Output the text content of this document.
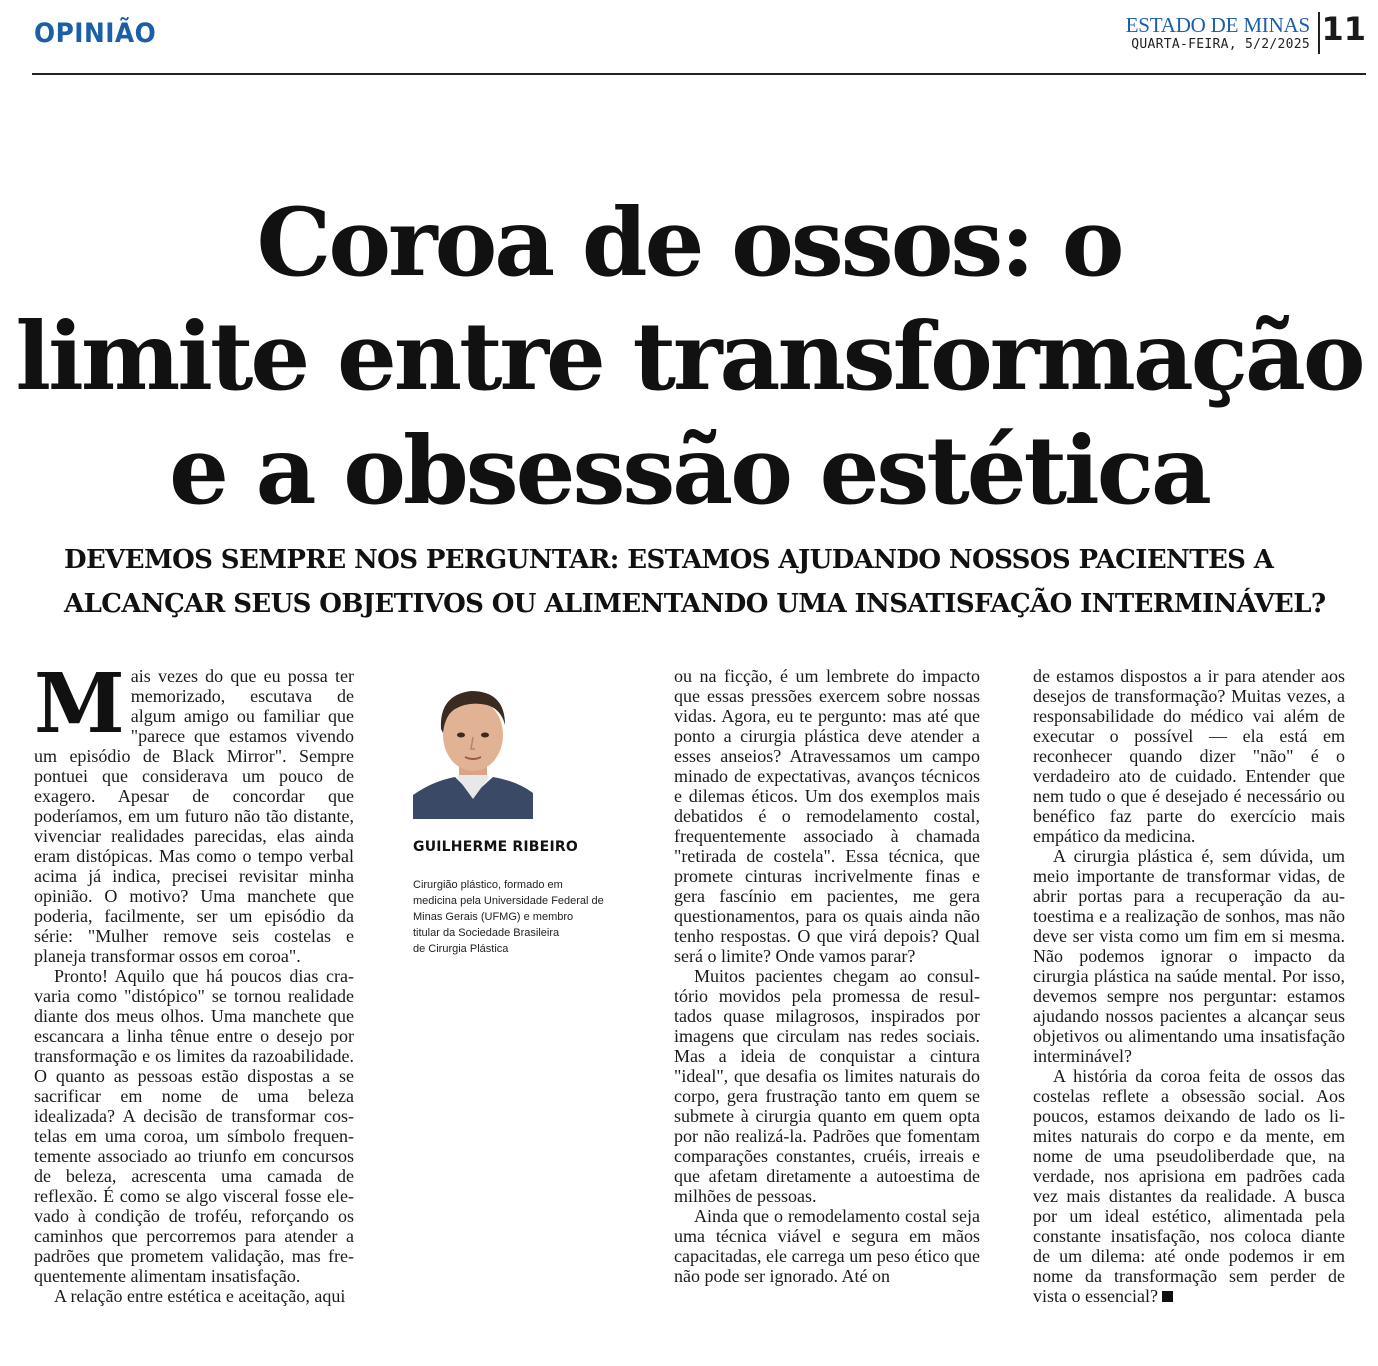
OPINIÃO	ESTADO DE MINAS
QUARTA-FEIRA, 5/2/2025 11
Coroa de ossos: o
limite entre transformação
e a obsessão estética
DEVEMOS SEMPRE NOS PERGUNTAR: ESTAMOS AJUDANDO NOSSOS PACIENTES A
ALCANÇAR SEUS OBJETIVOS OU ALIMENTANDO UMA INSATISFAÇÃO INTERMINÁVEL?

Mais vezes do que eu possa ter memorizado, escutava de algum amigo ou familiar que "parece que estamos vivendo um episódio de Black Mirror". Sempre pontuei que considerava um pouco de exagero. Apesar de concordar que poderíamos, em um futuro não tão distante, vivenciar realidades parecidas, elas ainda eram distópicas. Mas como o tempo verbal acima já indica, precisei revisitar minha opinião. O motivo? Uma manchete que poderia, facilmente, ser um episódio da série: "Mulher remove seis costelas e planeja transformar ossos em coroa".

Pronto! Aquilo que há poucos dias cravaria como "distópico" se tornou realidade diante dos meus olhos. Uma manchete que escancara a linha tênue entre o desejo por transformação e os limites da razoabilidade. O quanto as pessoas estão dispostas a se sacrificar em nome de uma beleza idealizada? A decisão de transformar costelas em uma coroa, um símbolo frequentemente associado ao triunfo em concursos de beleza, acrescenta uma camada de reflexão. É como se algo visceral fosse elevado à condição de troféu, reforçando os caminhos que percorremos para atender a padrões que prometem validação, mas frequentemente alimentam insatisfação.

A relação entre estética e aceitação, aqui

GUILHERME RIBEIRO
Cirurgião plástico, formado em
medicina pela Universidade Federal de
Minas Gerais (UFMG) e membro
titular da Sociedade Brasileira
de Cirurgia Plástica

ou na ficção, é um lembrete do impacto que essas pressões exercem sobre nossas vidas. Agora, eu te pergunto: mas até que ponto a cirurgia plástica deve atender a esses anseios? Atravessamos um campo minado de expectativas, avanços técnicos e dilemas éticos. Um dos exemplos mais debatidos é o remodelamento costal, frequentemente associado à chamada "retirada de costela". Essa técnica, que promete cinturas incrivelmente finas e gera fascínio em pacientes, me gera questionamentos, para os quais ainda não tenho respostas. O que virá depois? Qual será o limite? Onde vamos parar?

Muitos pacientes chegam ao consultório movidos pela promessa de resultados quase milagrosos, inspirados por imagens que circulam nas redes sociais. Mas a ideia de conquistar a cintura "ideal", que desafia os limites naturais do corpo, gera frustração tanto em quem se submete à cirurgia quanto em quem opta por não realizá-la. Padrões que fomentam comparações constantes, cruéis, irreais e que afetam diretamente a autoestima de milhões de pessoas.

Ainda que o remodelamento costal seja uma técnica viável e segura em mãos capacitadas, ele carrega um peso ético que não pode ser ignorado. Até on

de estamos dispostos a ir para atender aos desejos de transformação? Muitas vezes, a responsabilidade do médico vai além de executar o possível — ela está em reconhecer quando dizer "não" é o verdadeiro ato de cuidado. Entender que nem tudo o que é desejado é necessário ou benéfico faz parte do exercício mais empático da medicina.

A cirurgia plástica é, sem dúvida, um meio importante de transformar vidas, de abrir portas para a recuperação da autoestima e a realização de sonhos, mas não deve ser vista como um fim em si mesma. Não podemos ignorar o impacto da cirurgia plástica na saúde mental. Por isso, devemos sempre nos perguntar: estamos ajudando nossos pacientes a alcançar seus objetivos ou alimentando uma insatisfação interminável?

A história da coroa feita de ossos das costelas reflete a obsessão social. Aos poucos, estamos deixando de lado os limites naturais do corpo e da mente, em nome de uma pseudoliberdade que, na verdade, nos aprisiona em padrões cada vez mais distantes da realidade. A busca por um ideal estético, alimentada pela constante insatisfação, nos coloca diante de um dilema: até onde podemos ir em nome da transformação sem perder de vista o essencial?
